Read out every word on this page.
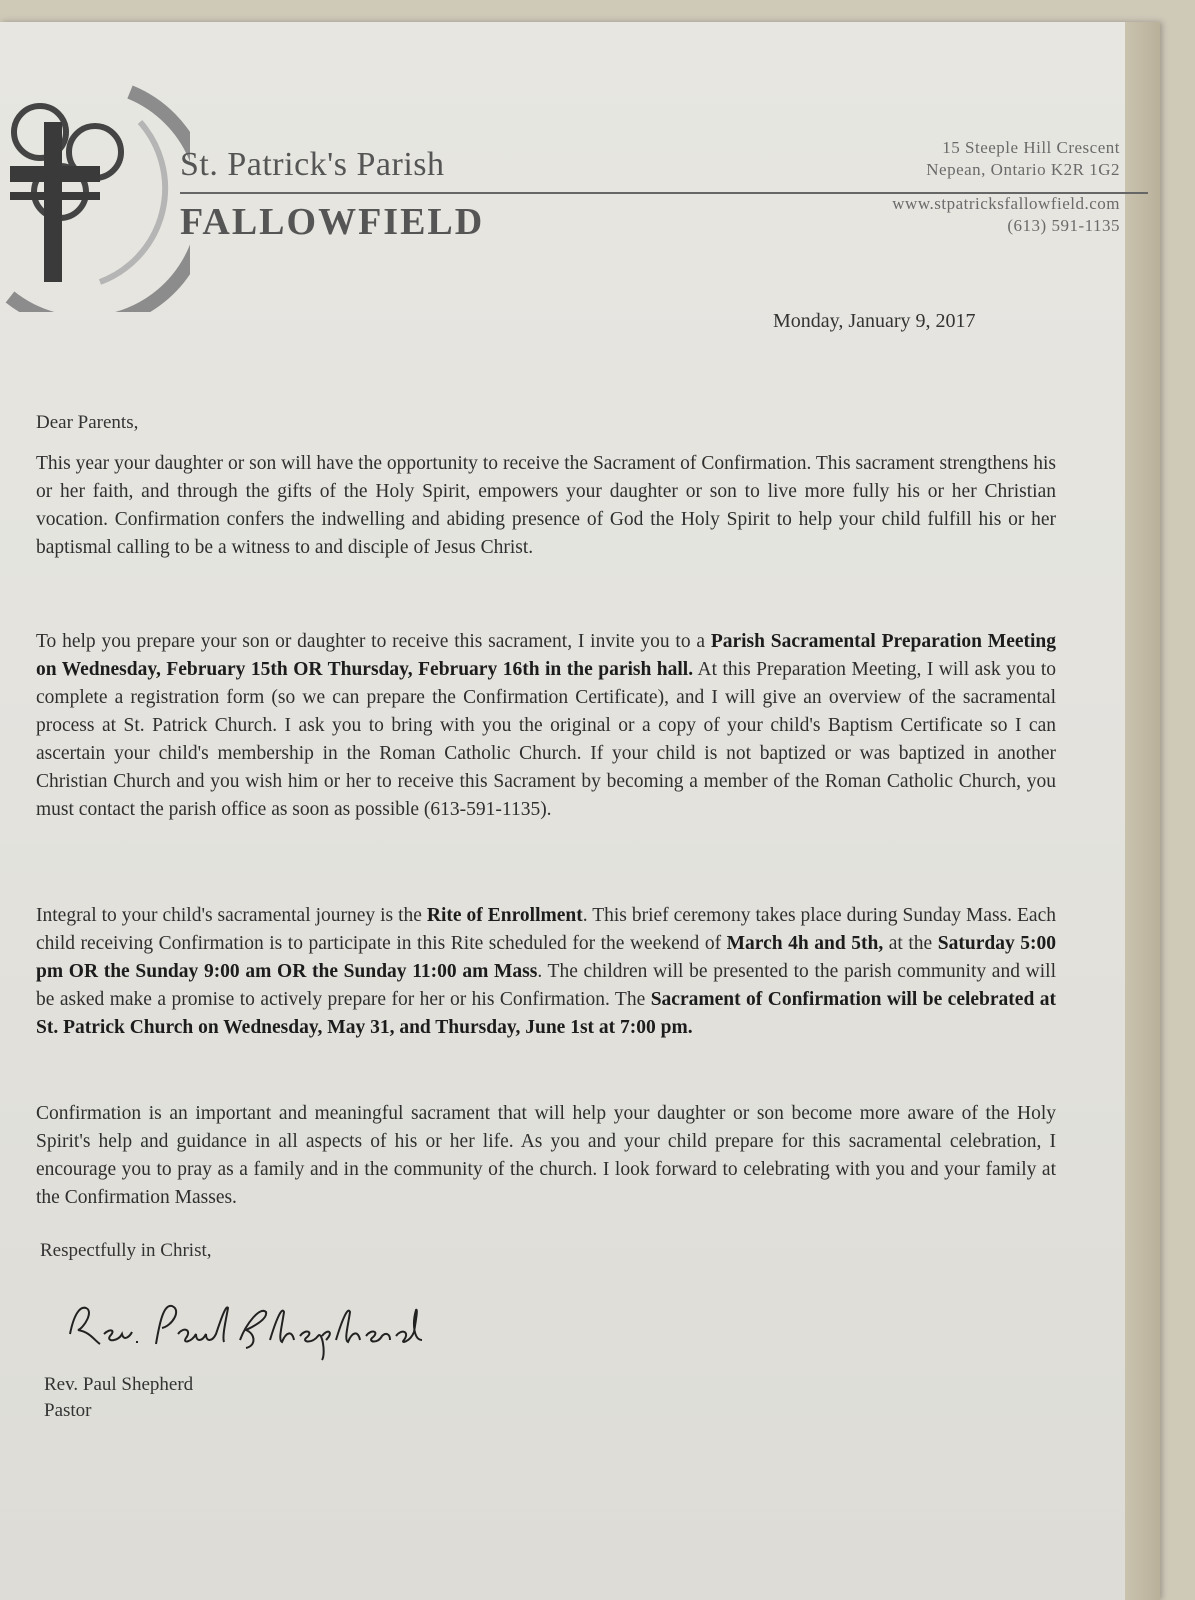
St. Patrick's Parish
FALLOWFIELD
15 Steeple Hill Crescent
Nepean, Ontario K2R 1G2
www.stpatricksfallowfield.com
(613) 591-1135
Monday, January 9, 2017
Dear Parents,
This year your daughter or son will have the opportunity to receive the Sacrament of Confirmation. This sacrament strengthens his or her faith, and through the gifts of the Holy Spirit, empowers your daughter or son to live more fully his or her Christian vocation. Confirmation confers the indwelling and abiding presence of God the Holy Spirit to help your child fulfill his or her baptismal calling to be a witness to and disciple of Jesus Christ.
To help you prepare your son or daughter to receive this sacrament, I invite you to a Parish Sacramental Preparation Meeting on Wednesday, February 15th OR Thursday, February 16th in the parish hall. At this Preparation Meeting, I will ask you to complete a registration form (so we can prepare the Confirmation Certificate), and I will give an overview of the sacramental process at St. Patrick Church. I ask you to bring with you the original or a copy of your child's Baptism Certificate so I can ascertain your child's membership in the Roman Catholic Church. If your child is not baptized or was baptized in another Christian Church and you wish him or her to receive this Sacrament by becoming a member of the Roman Catholic Church, you must contact the parish office as soon as possible (613-591-1135).
Integral to your child's sacramental journey is the Rite of Enrollment. This brief ceremony takes place during Sunday Mass. Each child receiving Confirmation is to participate in this Rite scheduled for the weekend of March 4h and 5th, at the Saturday 5:00 pm OR the Sunday 9:00 am OR the Sunday 11:00 am Mass. The children will be presented to the parish community and will be asked make a promise to actively prepare for her or his Confirmation. The Sacrament of Confirmation will be celebrated at St. Patrick Church on Wednesday, May 31, and Thursday, June 1st at 7:00 pm.
Confirmation is an important and meaningful sacrament that will help your daughter or son become more aware of the Holy Spirit's help and guidance in all aspects of his or her life. As you and your child prepare for this sacramental celebration, I encourage you to pray as a family and in the community of the church. I look forward to celebrating with you and your family at the Confirmation Masses.
Respectfully in Christ,
Rev. Paul Shepherd
Pastor
